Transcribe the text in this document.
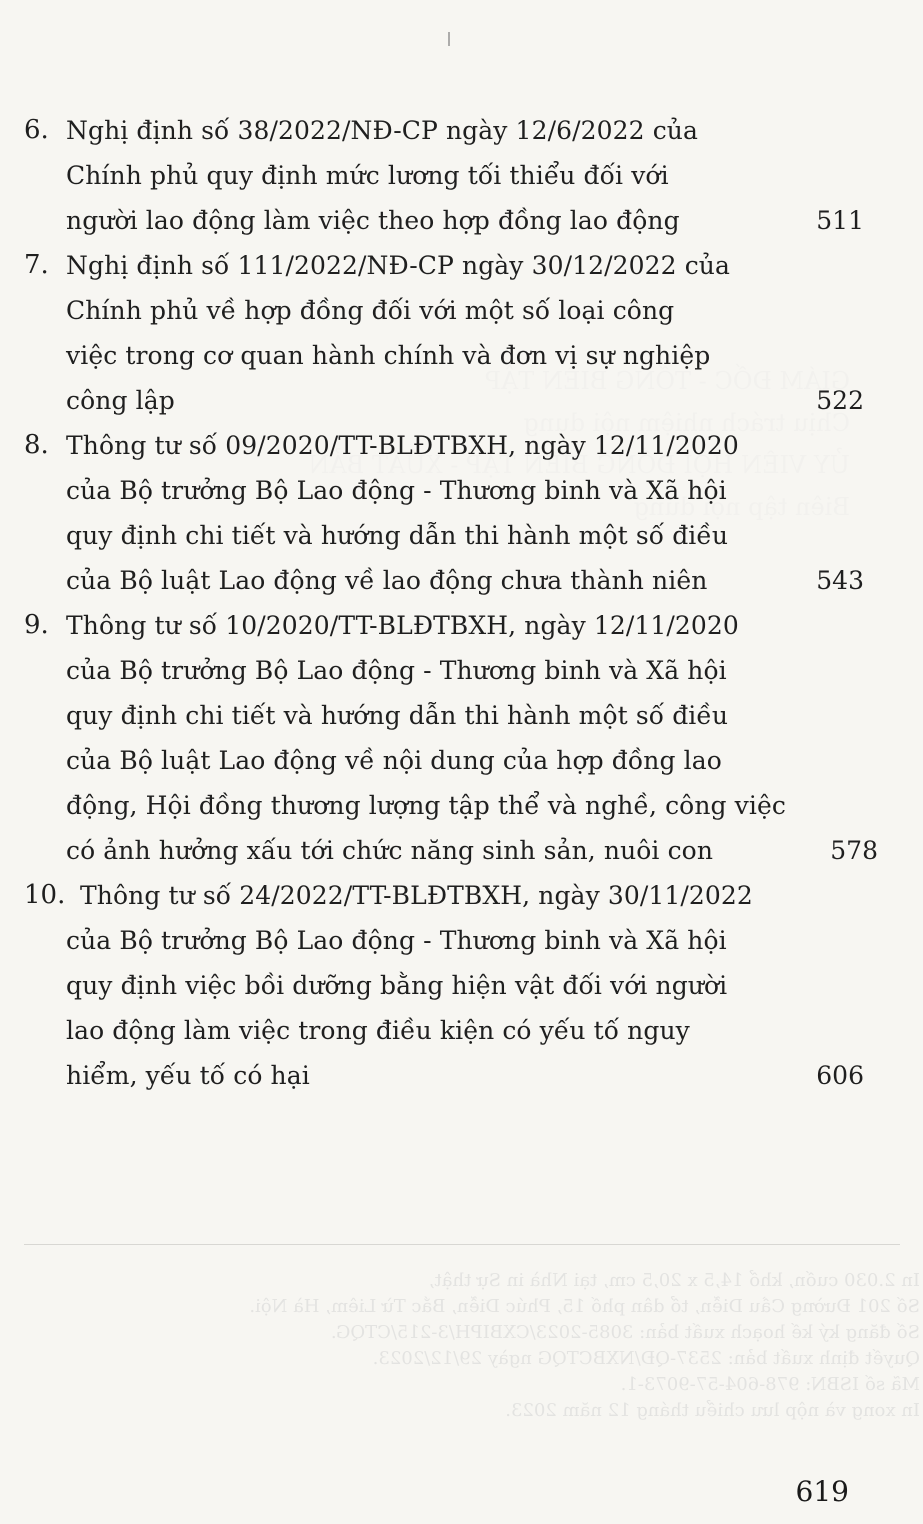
GIÁM ĐỐC - TỔNG BIÊN TẬP
Chịu trách nhiệm nội dung
ỦY VIÊN HỘI ĐỒNG BIÊN TẬP - XUẤT BẢN
Biên tập nội dung
6. Nghị định số 38/2022/NĐ-CP ngày 12/6/2022 của
Chính phủ quy định mức lương tối thiểu đối với
người lao động làm việc theo hợp đồng lao động	511
7. Nghị định số 111/2022/NĐ-CP ngày 30/12/2022 của
Chính phủ về hợp đồng đối với một số loại công
việc trong cơ quan hành chính và đơn vị sự nghiệp
công lập	522
8. Thông tư số 09/2020/TT-BLĐTBXH, ngày 12/11/2020
của Bộ trưởng Bộ Lao động - Thương binh và Xã hội
quy định chi tiết và hướng dẫn thi hành một số điều
của Bộ luật Lao động về lao động chưa thành niên	543
9. Thông tư số 10/2020/TT-BLĐTBXH, ngày 12/11/2020
của Bộ trưởng Bộ Lao động - Thương binh và Xã hội
quy định chi tiết và hướng dẫn thi hành một số điều
của Bộ luật Lao động về nội dung của hợp đồng lao
động, Hội đồng thương lượng tập thể và nghề, công việc
có ảnh hưởng xấu tới chức năng sinh sản, nuôi con	578
10. Thông tư số 24/2022/TT-BLĐTBXH, ngày 30/11/2022
của Bộ trưởng Bộ Lao động - Thương binh và Xã hội
quy định việc bồi dưỡng bằng hiện vật đối với người
lao động làm việc trong điều kiện có yếu tố nguy
hiểm, yếu tố có hại	606
In 2.030 cuốn, khổ 14,5 x 20,5 cm, tại Nhà in Sự thật,
Số 201 Đường Cầu Diễn, tổ dân phố 15, Phúc Diễn, Bắc Từ Liêm, Hà Nội.
Số đăng ký kế hoạch xuất bản: 3085-2023/CXBIPH/3-215/CTQG.
Quyết định xuất bản: 2537-QĐ/NXBCTQG ngày 29/12/2023.
Mã số ISBN: 978-604-57-9073-1.
In xong và nộp lưu chiểu tháng 12 năm 2023.
619
